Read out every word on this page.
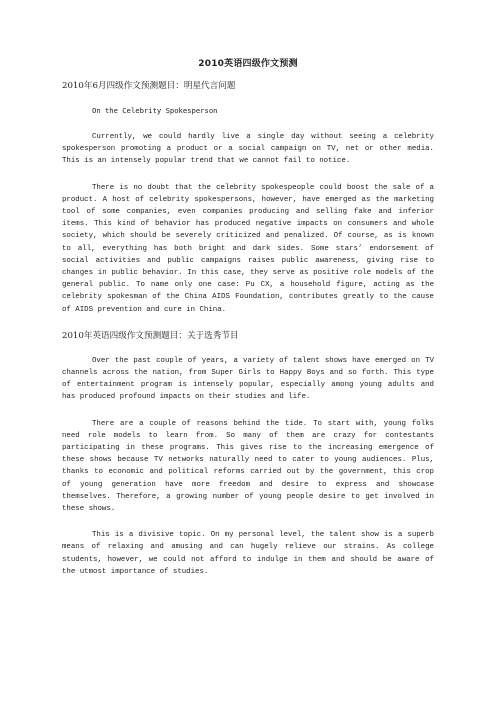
2010英语四级作文预测
2010年6月四级作文预测题目：明星代言问题
On the Celebrity Spokesperson

Currently, we could hardly live a single day without seeing a celebrity spokesperson promoting a product or a social campaign on TV, net or other media. This is an intensely popular trend that we cannot fail to notice.

There is no doubt that the celebrity spokespeople could boost the sale of a product. A host of celebrity spokespersons, however, have emerged as the marketing tool of some companies, even companies producing and selling fake and inferior items. This kind of behavior has produced negative impacts on consumers and whole society, which should be severely criticized and penalized. Of course, as is known to all, everything has both bright and dark sides. Some stars’ endorsement of social activities and public campaigns raises public awareness, giving rise to changes in public behavior. In this case, they serve as positive role models of the general public. To name only one case: Pu CX, a household figure, acting as the celebrity spokesman of the China AIDS Foundation, contributes greatly to the cause of AIDS prevention and cure in China.

2010年英语四级作文预测题目：关于选秀节目

Over the past couple of years, a variety of talent shows have emerged on TV channels across the nation, from Super Girls to Happy Boys and so forth. This type of entertainment program is intensely popular, especially among young adults and has produced profound impacts on their studies and life.

There are a couple of reasons behind the tide. To start with, young folks need role models to learn from. So many of them are crazy for contestants participating in these programs. This gives rise to the increasing emergence of these shows because TV networks naturally need to cater to young audiences. Plus, thanks to economic and political reforms carried out by the government, this crop of young generation have more freedom and desire to express and showcase themselves. Therefore, a growing number of young people desire to get involved in these shows.

This is a divisive topic. On my personal level, the talent show is a superb means of relaxing and amusing and can hugely relieve our strains. As college students, however, we could not afford to indulge in them and should be aware of the utmost importance of studies.
